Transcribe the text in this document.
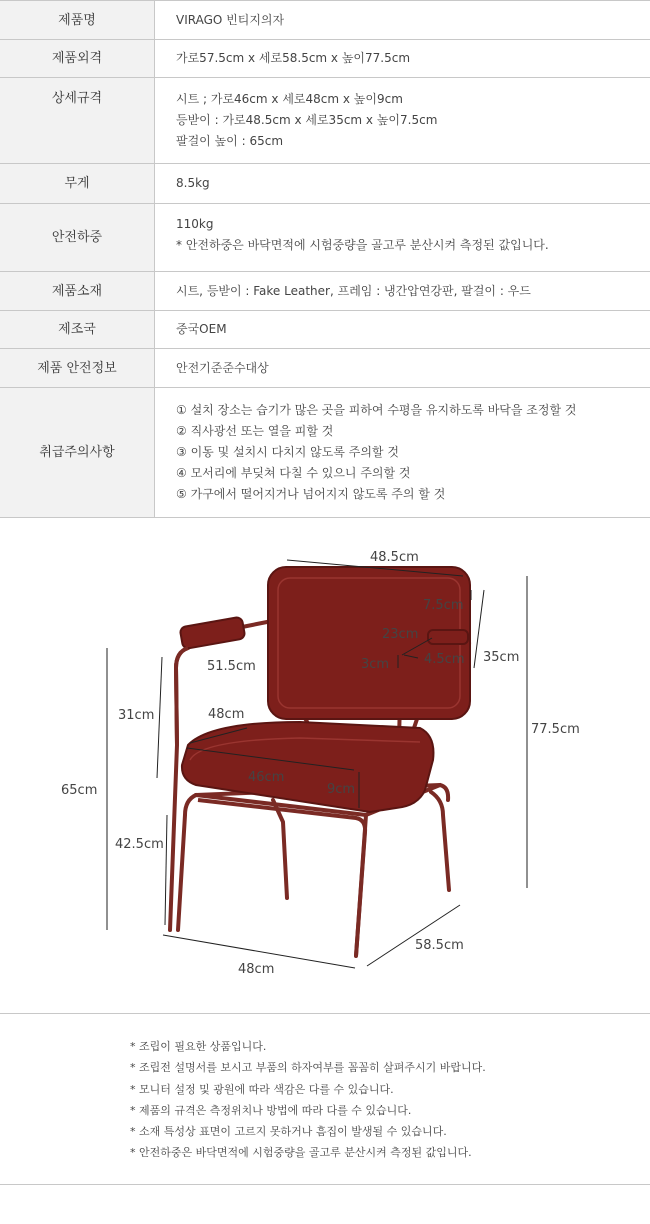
제품명	VIRAGO 빈티지의자

제품외격	가로57.5cm x 세로58.5cm x 높이77.5cm

상세규격	시트 ; 가로46cm x 세로48cm x 높이9cm
등받이 : 가로48.5cm x 세로35cm x 높이7.5cm
팔걸이 높이 : 65cm

무게	8.5kg

안전하중	110kg
* 안전하중은 바닥면적에 시험중량을 골고루 분산시켜 측정된 값입니다.

제품소재	시트, 등받이 : Fake Leather, 프레임 : 냉간압연강판, 팔걸이 : 우드

제조국	중국OEM

제품 안전정보	안전기준준수대상

취급주의사항	① 설치 장소는 습기가 많은 곳을 피하여 수평을 유지하도록 바닥을 조정할 것
② 직사광선 또는 열을 피할 것
③ 이동 및 설치시 다치지 않도록 주의할 것
④ 모서리에 부딪쳐 다칠 수 있으니 주의할 것
⑤ 가구에서 떨어지거나 넘어지지 않도록 주의 할 것
48.5cm
7.5cm
23cm
3cm	4.5cm 35cm
51.5cm
48cm
31cm
46cm
9cm
77.5cm
65cm
42.5cm
48cm
58.5cm
* 조립이 필요한 상품입니다.
* 조립전 설명서를 보시고 부품의 하자여부를 꼼꼼히 살펴주시기 바랍니다.
* 모니터 설정 및 광원에 따라 색감은 다를 수 있습니다.
* 제품의 규격은 측정위치나 방법에 따라 다를 수 있습니다.
* 소재 특성상 표면이 고르지 못하거나 흠집이 발생될 수 있습니다.
* 안전하중은 바닥면적에 시험중량을 골고루 분산시켜 측정된 값입니다.
